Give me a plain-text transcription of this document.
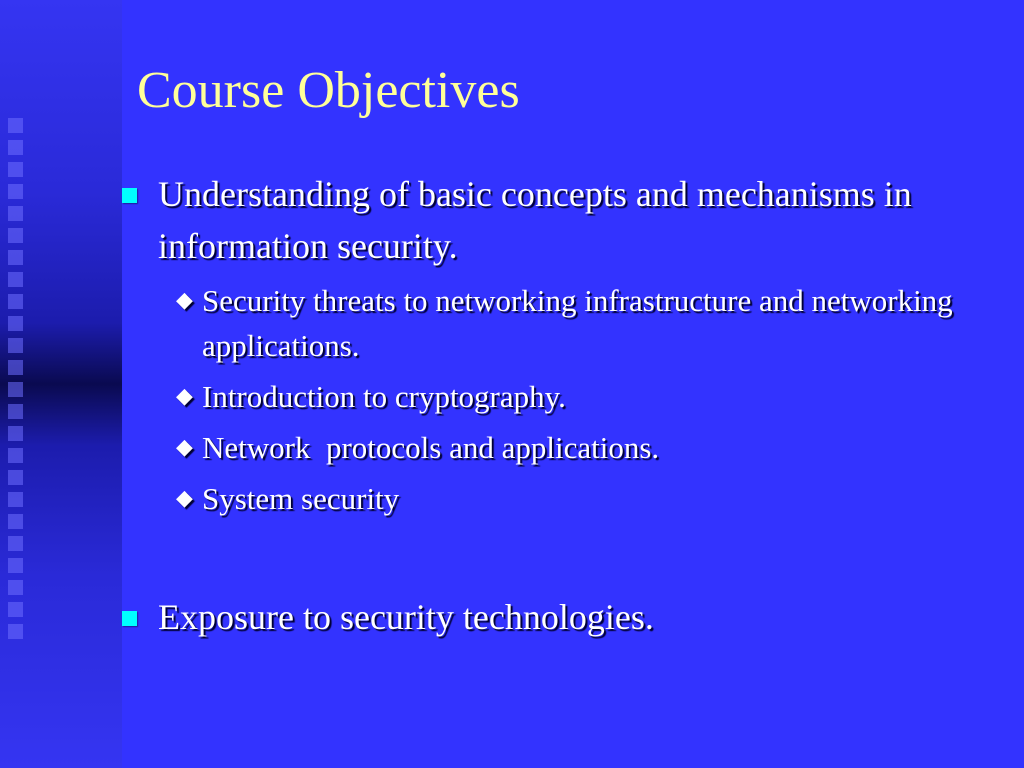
Course Objectives
Understanding of basic concepts and mechanisms in information security.
◆ Security threats to networking infrastructure and networking applications.
◆ Introduction to cryptography.
◆ Network  protocols and applications.
◆ System security
Exposure to security technologies.
